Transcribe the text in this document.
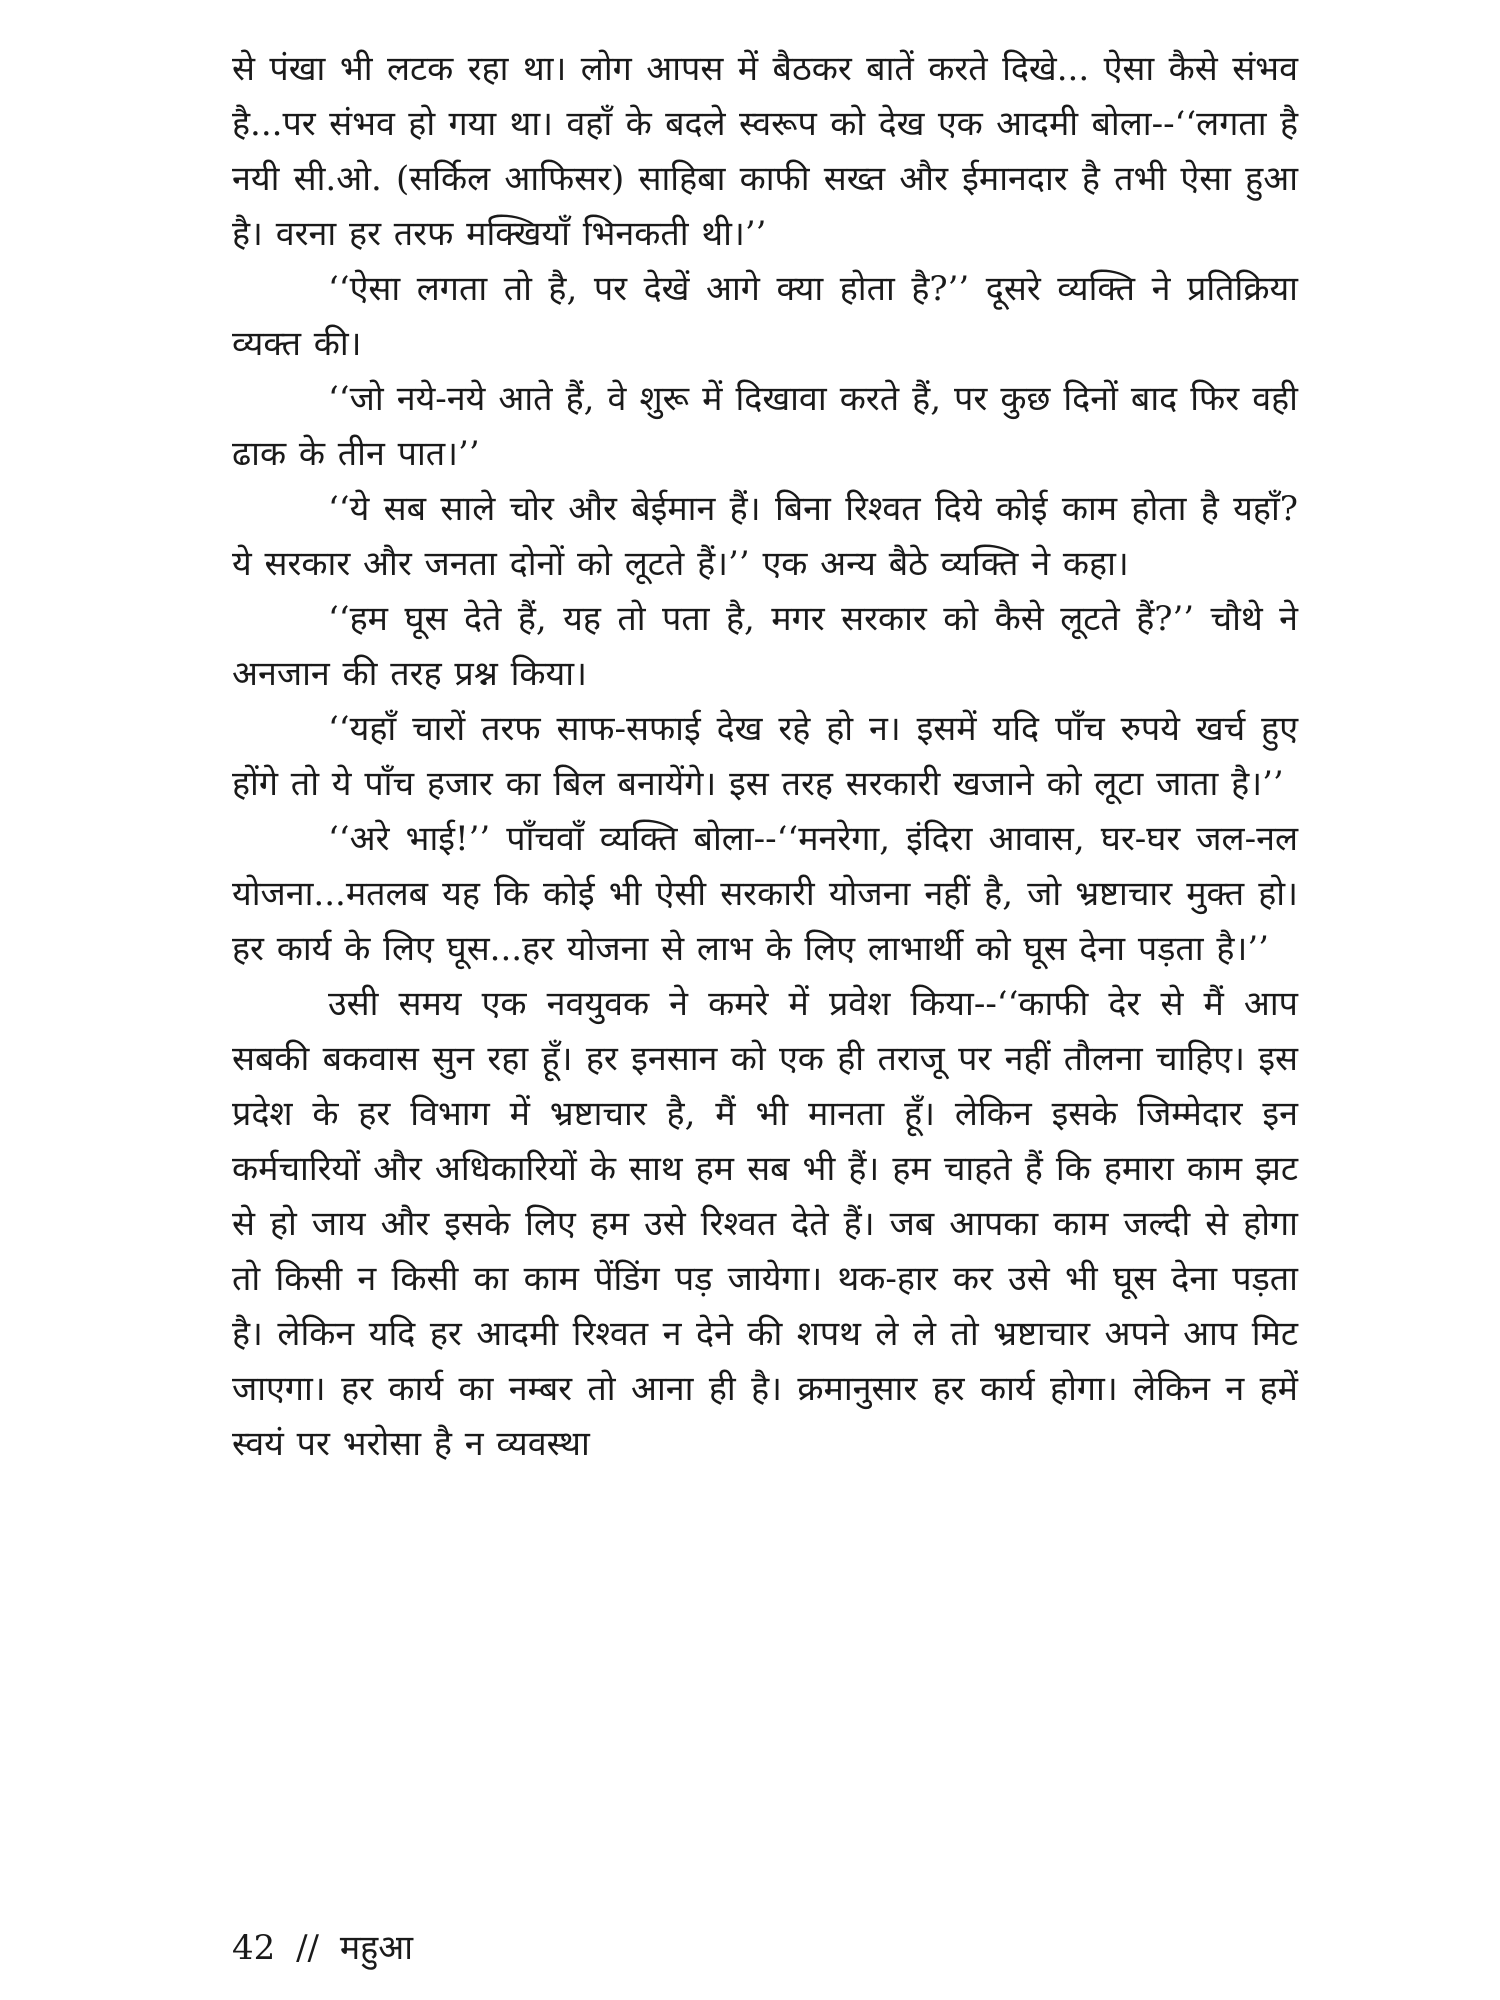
से पंखा भी लटक रहा था। लोग आपस में बैठकर बातें करते दिखे... ऐसा कैसे संभव है...पर संभव हो गया था। वहाँ के बदले स्वरूप को देख एक आदमी बोला--‘‘लगता है नयी सी.ओ. (सर्किल आफिसर) साहिबा काफी सख्त और ईमानदार है तभी ऐसा हुआ है। वरना हर तरफ मक्खियाँ भिनकती थी।’’

‘‘ऐसा लगता तो है, पर देखें आगे क्या होता है?’’ दूसरे व्यक्ति ने प्रतिक्रिया व्यक्त की।

‘‘जो नये-नये आते हैं, वे शुरू में दिखावा करते हैं, पर कुछ दिनों बाद फिर वही ढाक के तीन पात।’’

‘‘ये सब साले चोर और बेईमान हैं। बिना रिश्वत दिये कोई काम होता है यहाँ? ये सरकार और जनता दोनों को लूटते हैं।’’ एक अन्य बैठे व्यक्ति ने कहा।

‘‘हम घूस देते हैं, यह तो पता है, मगर सरकार को कैसे लूटते हैं?’’ चौथे ने अनजान की तरह प्रश्न किया।

‘‘यहाँ चारों तरफ साफ-सफाई देख रहे हो न। इसमें यदि पाँच रुपये खर्च हुए होंगे तो ये पाँच हजार का बिल बनायेंगे। इस तरह सरकारी खजाने को लूटा जाता है।’’

‘‘अरे भाई!’’ पाँचवाँ व्यक्ति बोला--‘‘मनरेगा, इंदिरा आवास, घर-घर जल-नल योजना...मतलब यह कि कोई भी ऐसी सरकारी योजना नहीं है, जो भ्रष्टाचार मुक्त हो। हर कार्य के लिए घूस...हर योजना से लाभ के लिए लाभार्थी को घूस देना पड़ता है।’’

उसी समय एक नवयुवक ने कमरे में प्रवेश किया--‘‘काफी देर से मैं आप सबकी बकवास सुन रहा हूँ। हर इनसान को एक ही तराजू पर नहीं तौलना चाहिए। इस प्रदेश के हर विभाग में भ्रष्टाचार है, मैं भी मानता हूँ। लेकिन इसके जिम्मेदार इन कर्मचारियों और अधिकारियों के साथ हम सब भी हैं। हम चाहते हैं कि हमारा काम झट से हो जाय और इसके लिए हम उसे रिश्वत देते हैं। जब आपका काम जल्दी से होगा तो किसी न किसी का काम पेंडिंग पड़ जायेगा। थक-हार कर उसे भी घूस देना पड़ता है। लेकिन यदि हर आदमी रिश्वत न देने की शपथ ले ले तो भ्रष्टाचार अपने आप मिट जाएगा। हर कार्य का नम्बर तो आना ही है। क्रमानुसार हर कार्य होगा। लेकिन न हमें स्वयं पर भरोसा है न व्यवस्था

42 // महुआ
